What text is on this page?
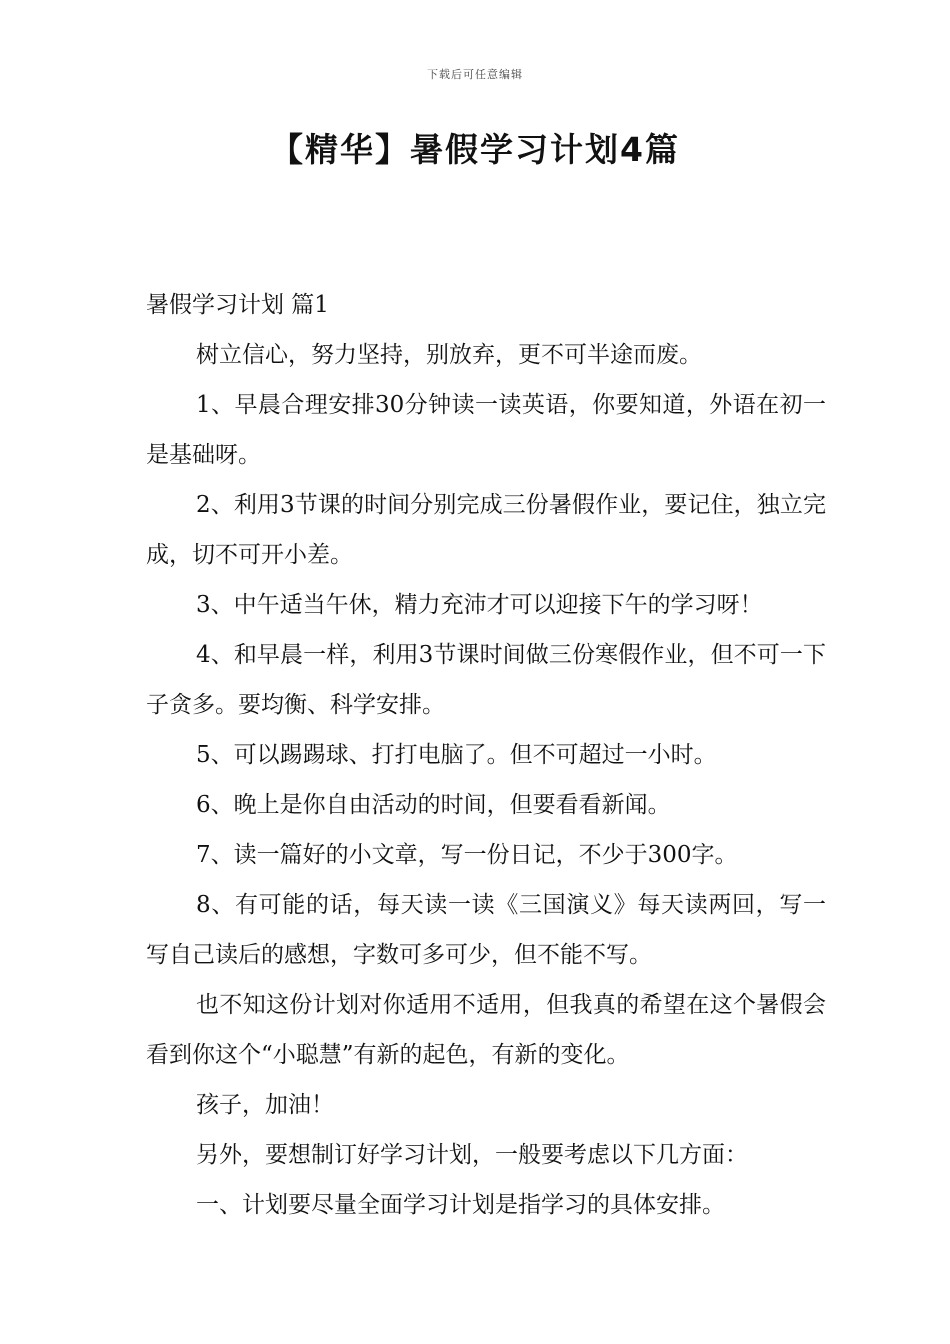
下载后可任意编辑
【精华】暑假学习计划4篇
暑假学习计划 篇1

树立信心，努力坚持，别放弃，更不可半途而废。

1、早晨合理安排30分钟读一读英语，你要知道，外语在初一是基础呀。

2、利用3节课的时间分别完成三份暑假作业，要记住，独立完成，切不可开小差。

3、中午适当午休，精力充沛才可以迎接下午的学习呀！

4、和早晨一样，利用3节课时间做三份寒假作业，但不可一下子贪多。要均衡、科学安排。

5、可以踢踢球、打打电脑了。但不可超过一小时。

6、晚上是你自由活动的时间，但要看看新闻。

7、读一篇好的小文章，写一份日记，不少于300字。

8、有可能的话，每天读一读《三国演义》每天读两回，写一写自己读后的感想，字数可多可少，但不能不写。

也不知这份计划对你适用不适用，但我真的希望在这个暑假会看到你这个“小聪慧”有新的起色，有新的变化。

孩子，加油！

另外，要想制订好学习计划，一般要考虑以下几方面：

一、计划要尽量全面学习计划是指学习的具体安排。
